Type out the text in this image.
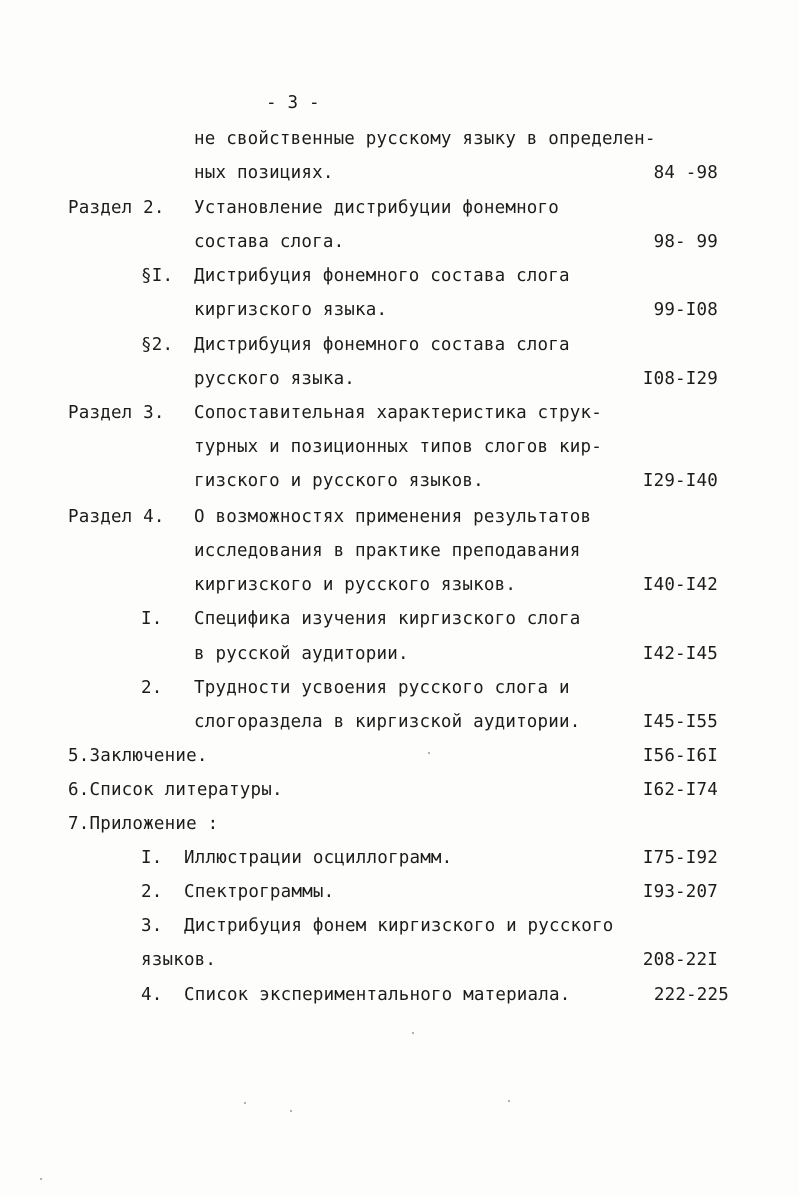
- 3 -
не свойственные русскому языку в определен-
ных позициях.	84 -98
Раздел 2. Установление дистрибуции фонемного
состава слога.	98- 99
§I. Дистрибуция фонемного состава слога
киргизского языка.	99-I08
§2. Дистрибуция фонемного состава слога
русского языка.	I08-I29
Раздел 3. Сопоставительная характеристика струк-
турных и позиционных типов слогов кир-
гизского и русского языков.	I29-I40
Раздел 4. О возможностях применения результатов
исследования в практике преподавания
киргизского и русского языков.	I40-I42
I. Специфика изучения киргизского слога
в русской аудитории.	I42-I45
2. Трудности усвоения русского слога и
слогораздела в киргизской аудитории.	I45-I55
5.Заключение.	I56-I6I
6.Список литературы.	I62-I74
7.Приложение :
I. Иллюстрации осциллограмм.	I75-I92
2. Спектрограммы.	I93-207
3. Дистрибуция фонем киргизского и русского
языков.	208-22I
4. Список экспериментального материала.	222-225
